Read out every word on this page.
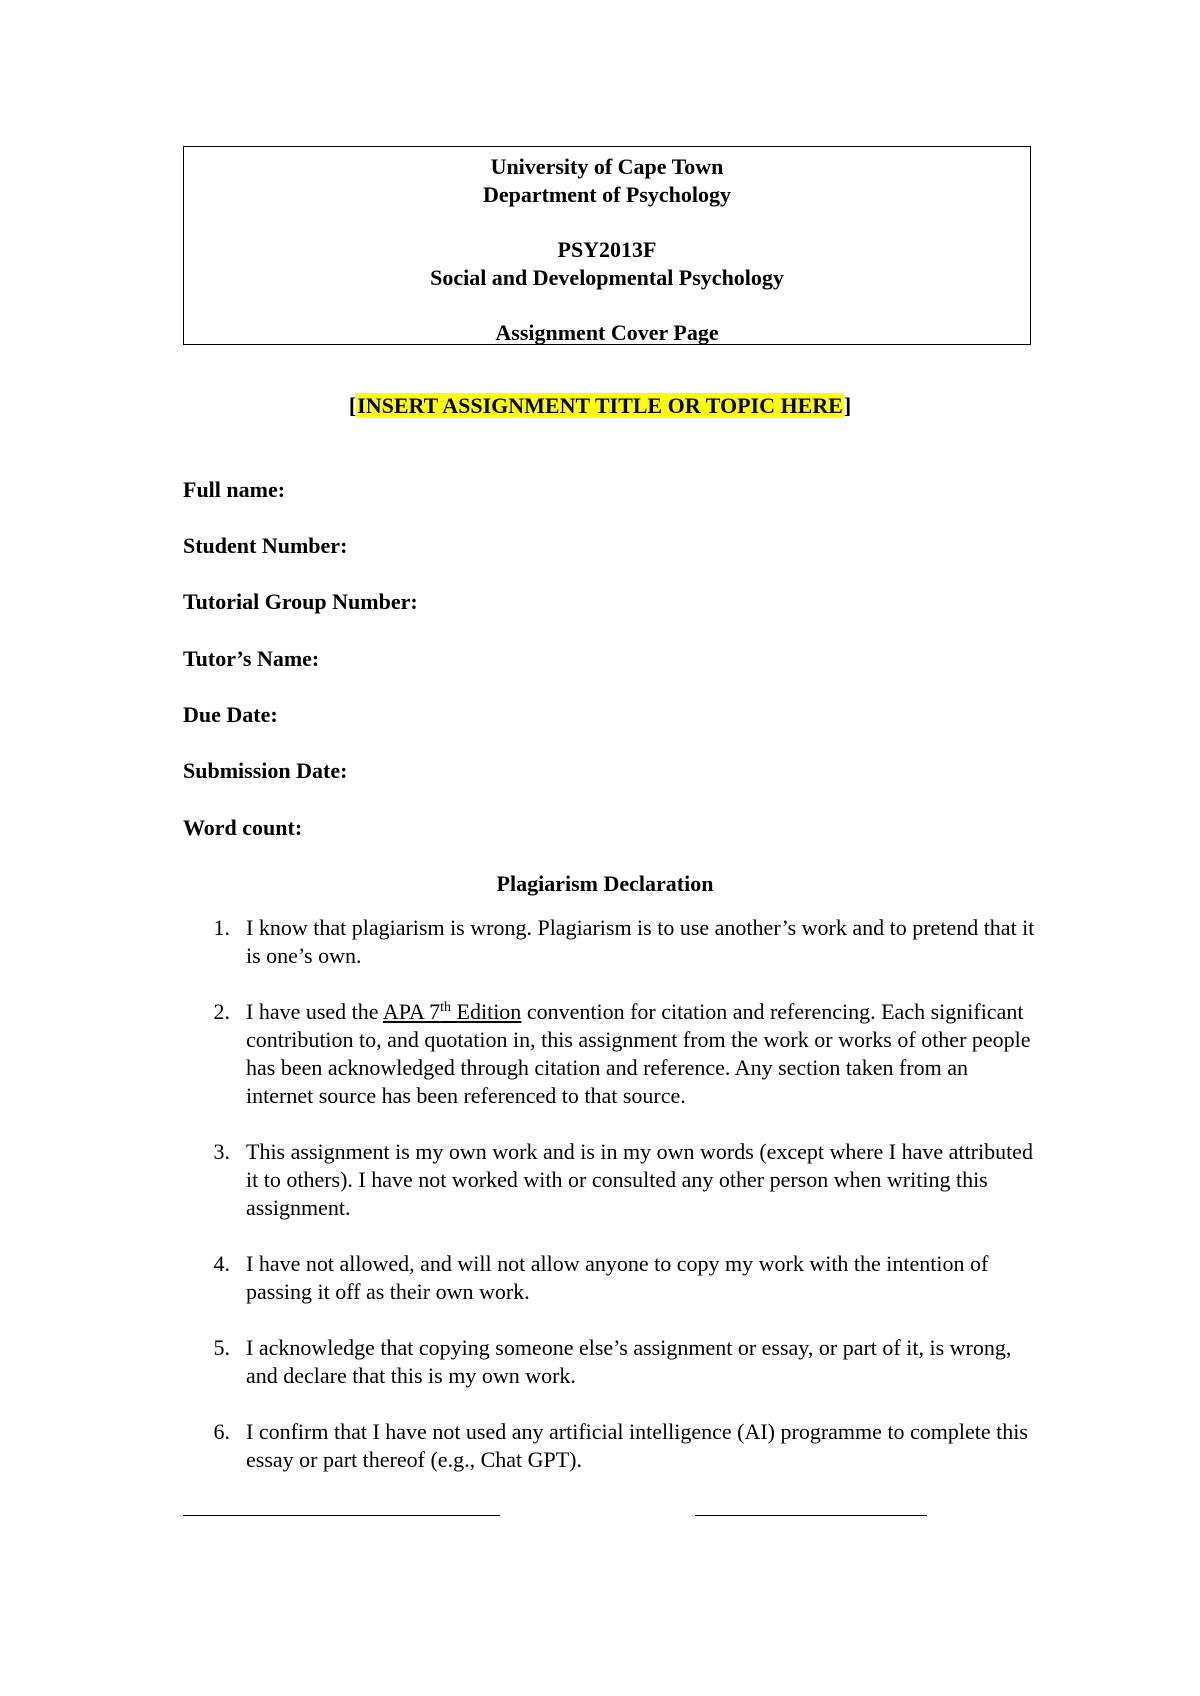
University of Cape Town
Department of Psychology
PSY2013F
Social and Developmental Psychology
Assignment Cover Page
[INSERT ASSIGNMENT TITLE OR TOPIC HERE]
Full name:
Student Number:
Tutorial Group Number:
Tutor’s Name:
Due Date:
Submission Date:
Word count:
Plagiarism Declaration
1. I know that plagiarism is wrong. Plagiarism is to use another’s work and to pretend that it is one’s own.
2. I have used the APA 7th Edition convention for citation and referencing. Each significant contribution to, and quotation in, this assignment from the work or works of other people has been acknowledged through citation and reference. Any section taken from an internet source has been referenced to that source.
3. This assignment is my own work and is in my own words (except where I have attributed it to others). I have not worked with or consulted any other person when writing this assignment.
4. I have not allowed, and will not allow anyone to copy my work with the intention of passing it off as their own work.
5. I acknowledge that copying someone else’s assignment or essay, or part of it, is wrong, and declare that this is my own work.
6. I confirm that I have not used any artificial intelligence (AI) programme to complete this essay or part thereof (e.g., Chat GPT).
